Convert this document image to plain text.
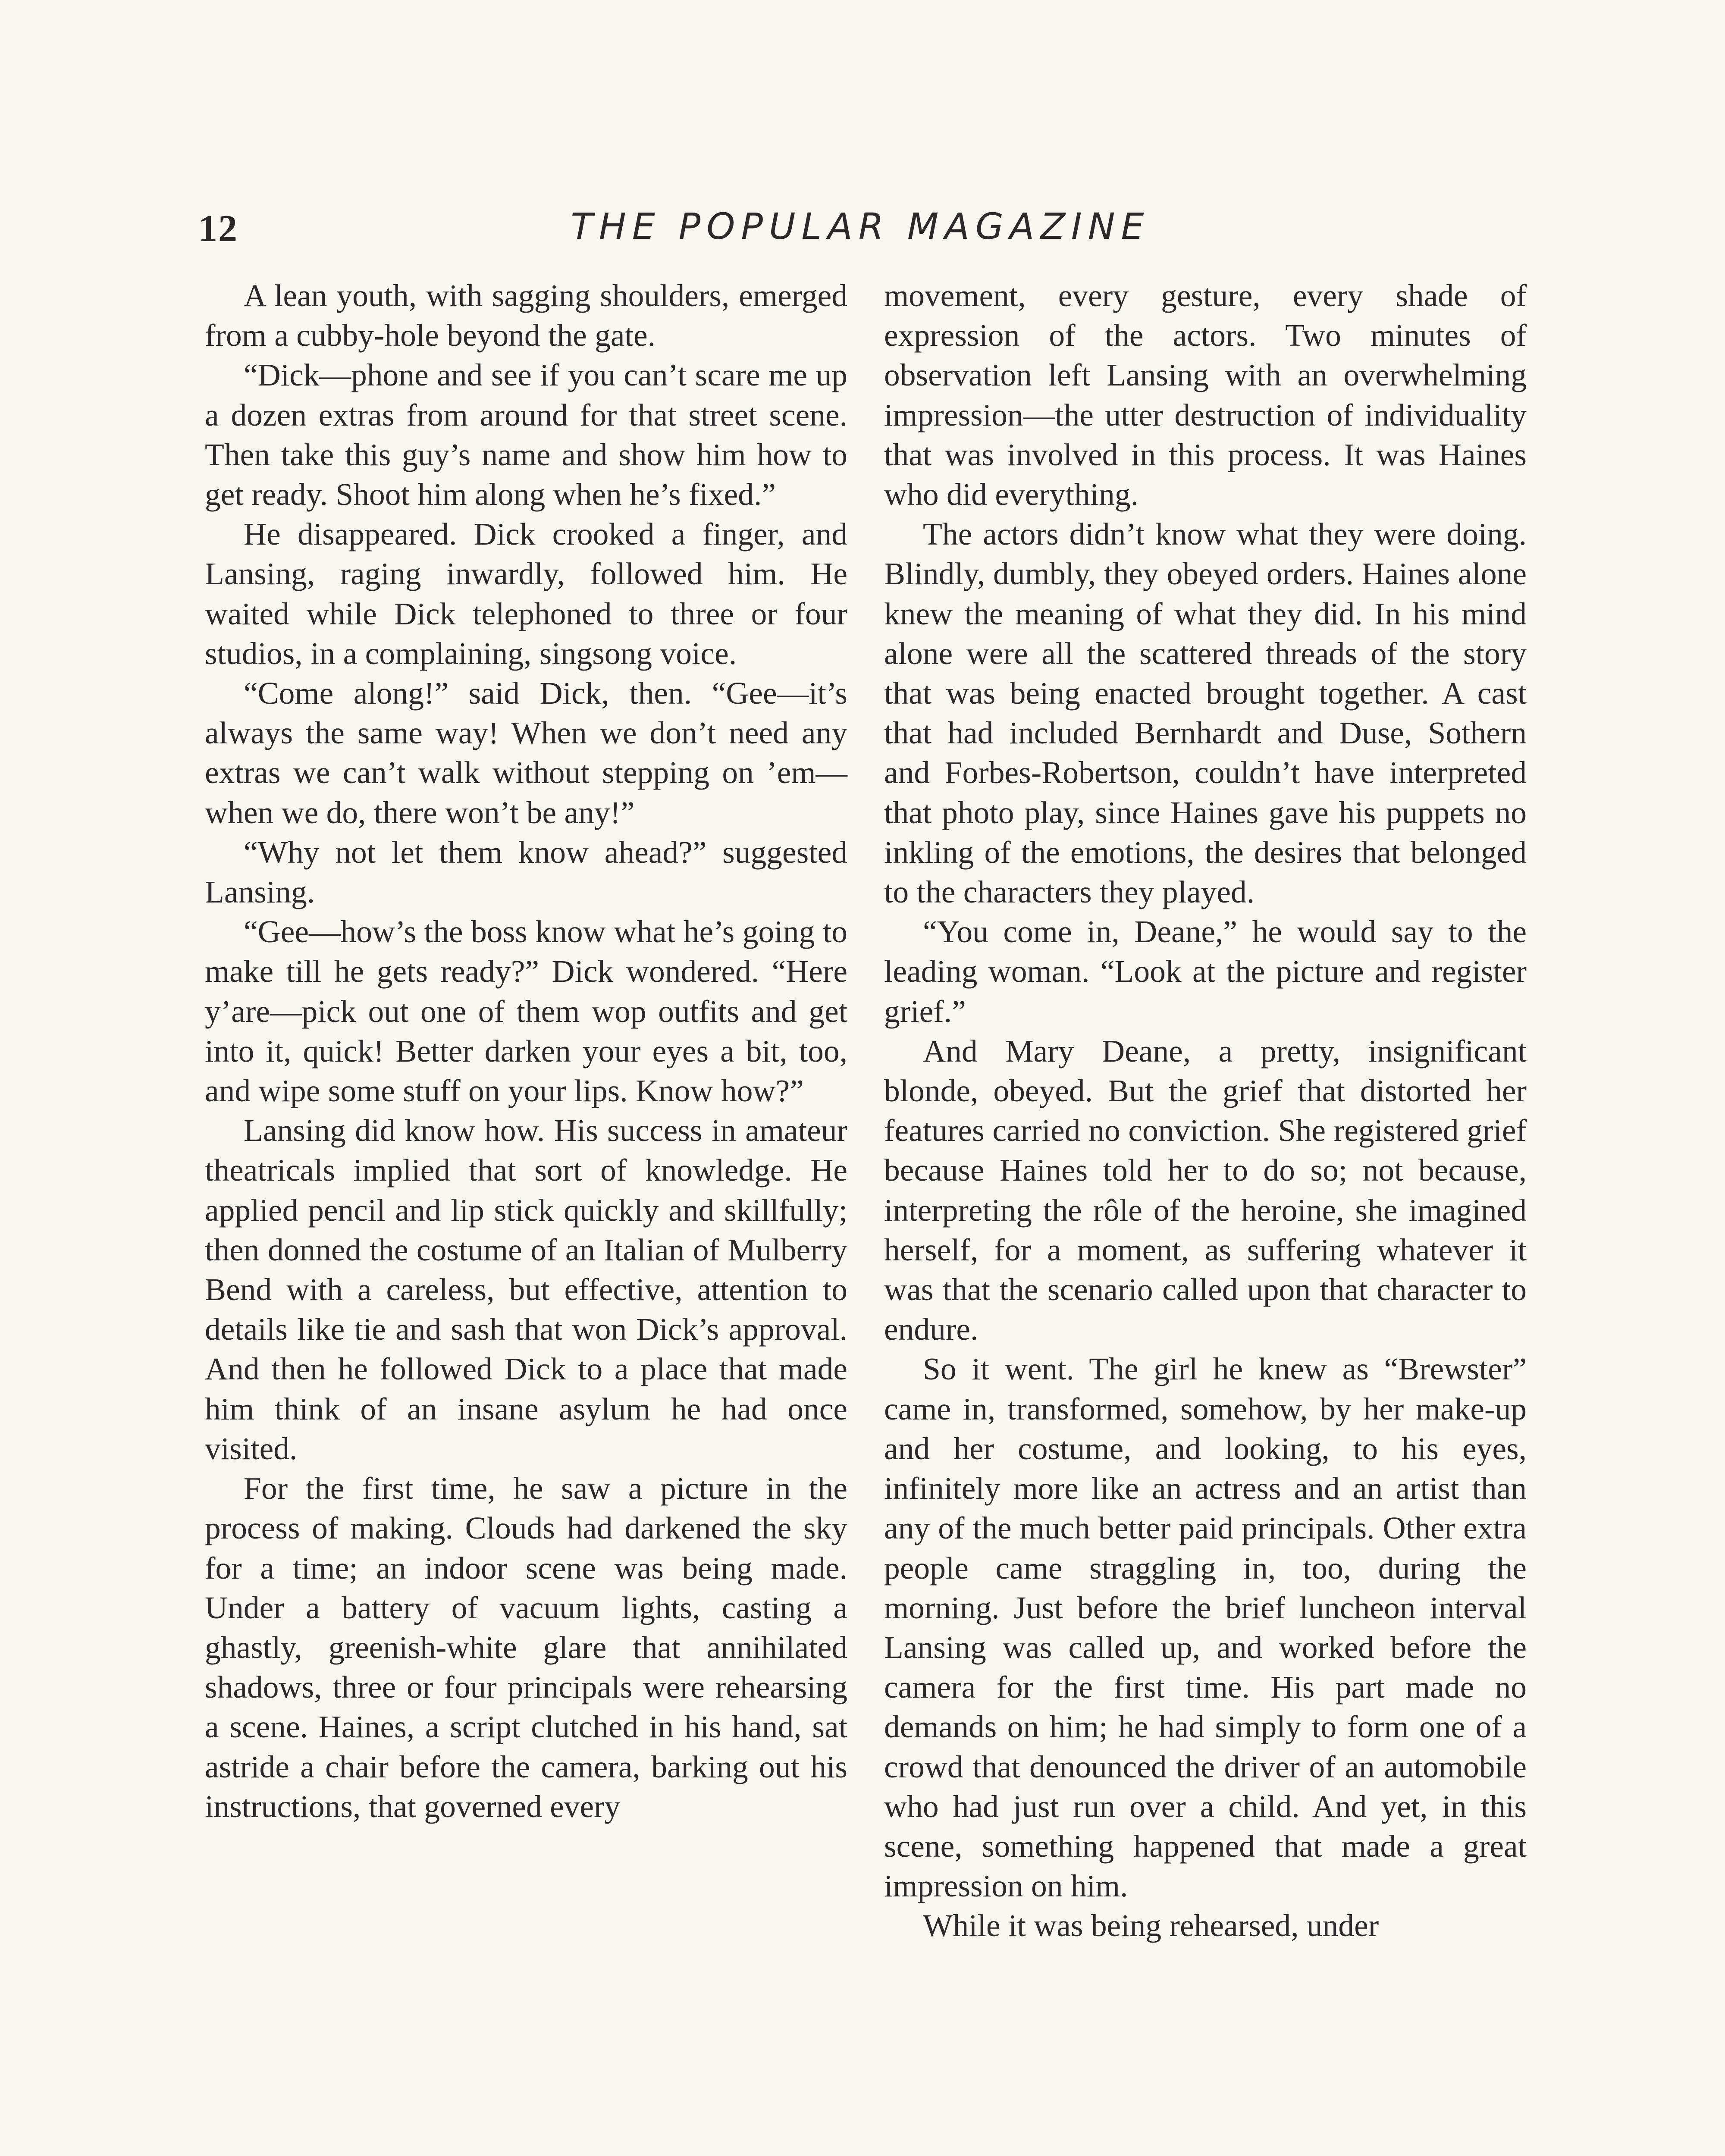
12	THE POPULAR MAGAZINE

A lean youth, with sagging shoulders, emerged from a cubby-hole beyond the gate.

“Dick—phone and see if you can’t scare me up a dozen extras from around for that street scene. Then take this guy’s name and show him how to get ready. Shoot him along when he’s fixed.”

He disappeared. Dick crooked a finger, and Lansing, raging inwardly, followed him. He waited while Dick telephoned to three or four studios, in a complaining, singsong voice.

“Come along!” said Dick, then. “Gee—it’s always the same way! When we don’t need any extras we can’t walk without stepping on ’em—when we do, there won’t be any!”

“Why not let them know ahead?” suggested Lansing.

“Gee—how’s the boss know what he’s going to make till he gets ready?” Dick wondered. “Here y’are—pick out one of them wop outfits and get into it, quick! Better darken your eyes a bit, too, and wipe some stuff on your lips. Know how?”

Lansing did know how. His success in amateur theatricals implied that sort of knowledge. He applied pencil and lip stick quickly and skillfully; then donned the costume of an Italian of Mulberry Bend with a careless, but effective, attention to details like tie and sash that won Dick’s approval. And then he followed Dick to a place that made him think of an insane asylum he had once visited.

For the first time, he saw a picture in the process of making. Clouds had darkened the sky for a time; an indoor scene was being made. Under a battery of vacuum lights, casting a ghastly, greenish-white glare that annihilated shadows, three or four principals were rehearsing a scene. Haines, a script clutched in his hand, sat astride a chair before the camera, barking out his instructions, that governed every

movement, every gesture, every shade of expression of the actors. Two minutes of observation left Lansing with an overwhelming impression—the utter destruction of individuality that was involved in this process. It was Haines who did everything.

The actors didn’t know what they were doing. Blindly, dumbly, they obeyed orders. Haines alone knew the meaning of what they did. In his mind alone were all the scattered threads of the story that was being enacted brought together. A cast that had included Bernhardt and Duse, Sothern and Forbes-Robertson, couldn’t have interpreted that photo play, since Haines gave his puppets no inkling of the emotions, the desires that belonged to the characters they played.

“You come in, Deane,” he would say to the leading woman. “Look at the picture and register grief.”

And Mary Deane, a pretty, insignificant blonde, obeyed. But the grief that distorted her features carried no conviction. She registered grief because Haines told her to do so; not because, interpreting the rôle of the heroine, she imagined herself, for a moment, as suffering whatever it was that the scenario called upon that character to endure.

So it went. The girl he knew as “Brewster” came in, transformed, somehow, by her make-up and her costume, and looking, to his eyes, infinitely more like an actress and an artist than any of the much better paid principals. Other extra people came straggling in, too, during the morning. Just before the brief luncheon interval Lansing was called up, and worked before the camera for the first time. His part made no demands on him; he had simply to form one of a crowd that denounced the driver of an automobile who had just run over a child. And yet, in this scene, something happened that made a great impression on him.

While it was being rehearsed, under
